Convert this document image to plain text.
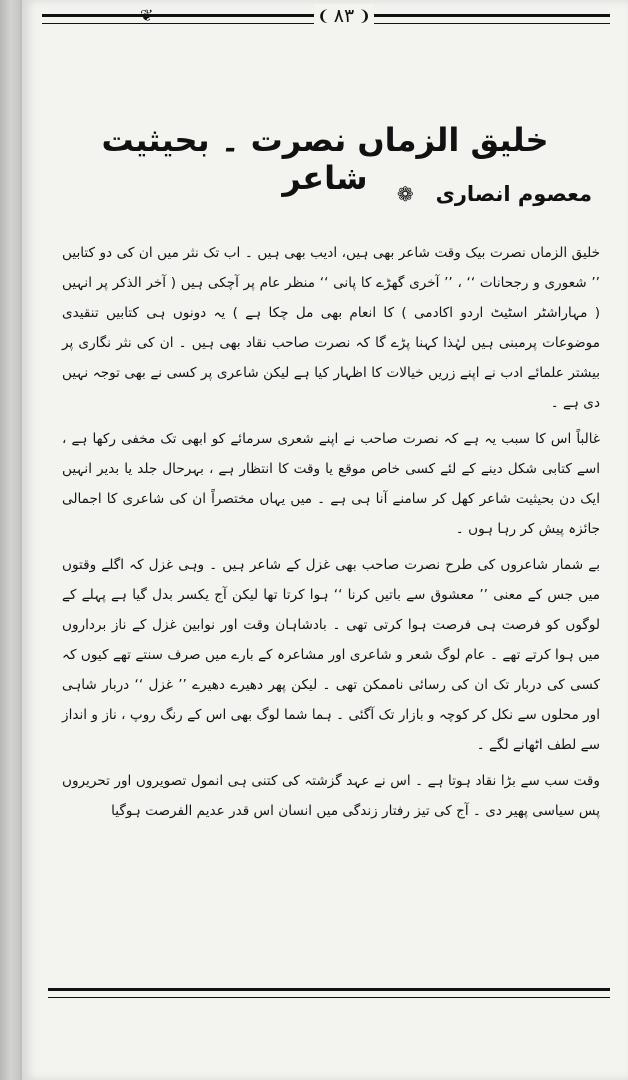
❦	❨ ۸۳ ❩
خلیق الزماں نصرت ۔ بحیثیت شاعر	❁ معصوم انصاری

خلیق الزماں نصرت بیک وقت شاعر بھی ہیں، ادیب بھی ہیں ۔ اب تک نثر میں ان کی دو کتابیں ’’ شعوری و رجحانات ‘‘ ، ’’ آخری گھڑے کا پانی ‘‘ منظر عام پر آچکی ہیں ( آخر الذکر پر انہیں ( مہاراشٹر اسٹیٹ اردو اکادمی ) کا انعام بھی مل چکا ہے ) یہ دونوں ہی کتابیں تنقیدی موضوعات پرمبنی ہیں لہٰذا کہنا پڑے گا کہ نصرت صاحب نقاد بھی ہیں ۔ ان کی نثر نگاری پر بیشتر علمائے ادب نے اپنے زریں خیالات کا اظہار کیا ہے لیکن شاعری پر کسی نے بھی توجہ نہیں دی ہے ۔

غالباً اس کا سبب یہ ہے کہ نصرت صاحب نے اپنے شعری سرمائے کو ابھی تک مخفی رکھا ہے ، اسے کتابی شکل دینے کے لئے کسی خاص موقع یا وقت کا انتظار ہے ، بہرحال جلد یا بدیر انہیں ایک دن بحیثیت شاعر کھل کر سامنے آنا ہی ہے ۔ میں یہاں مختصراً ان کی شاعری کا اجمالی جائزہ پیش کر رہا ہوں ۔

بے شمار شاعروں کی طرح نصرت صاحب بھی غزل کے شاعر ہیں ۔ وہی غزل کہ اگلے وقتوں میں جس کے معنی ’’ معشوق سے باتیں کرنا ‘‘ ہوا کرتا تھا لیکن آج یکسر بدل گیا ہے پہلے کے لوگوں کو فرصت ہی فرصت ہوا کرتی تھی ۔ بادشاہان وقت اور نوابین غزل کے ناز برداروں میں ہوا کرتے تھے ۔ عام لوگ شعر و شاعری اور مشاعرہ کے بارے میں صرف سنتے تھے کیوں کہ کسی کی دربار تک ان کی رسائی ناممکن تھی ۔ لیکن پھر دھیرے دھیرے ’’ غزل ‘‘ دربار شاہی اور محلوں سے نکل کر کوچہ و بازار تک آگئی ۔ ہما شما لوگ بھی اس کے رنگ روپ ، ناز و انداز سے لطف اٹھانے لگے ۔

وقت سب سے بڑا نقاد ہوتا ہے ۔ اس نے عہد گزشتہ کی کتنی ہی انمول تصویروں اور تحریروں پس سیاسی پھیر دی ۔ آج کی تیز رفتار زندگی میں انسان اس قدر عدیم الفرصت ہوگیا
